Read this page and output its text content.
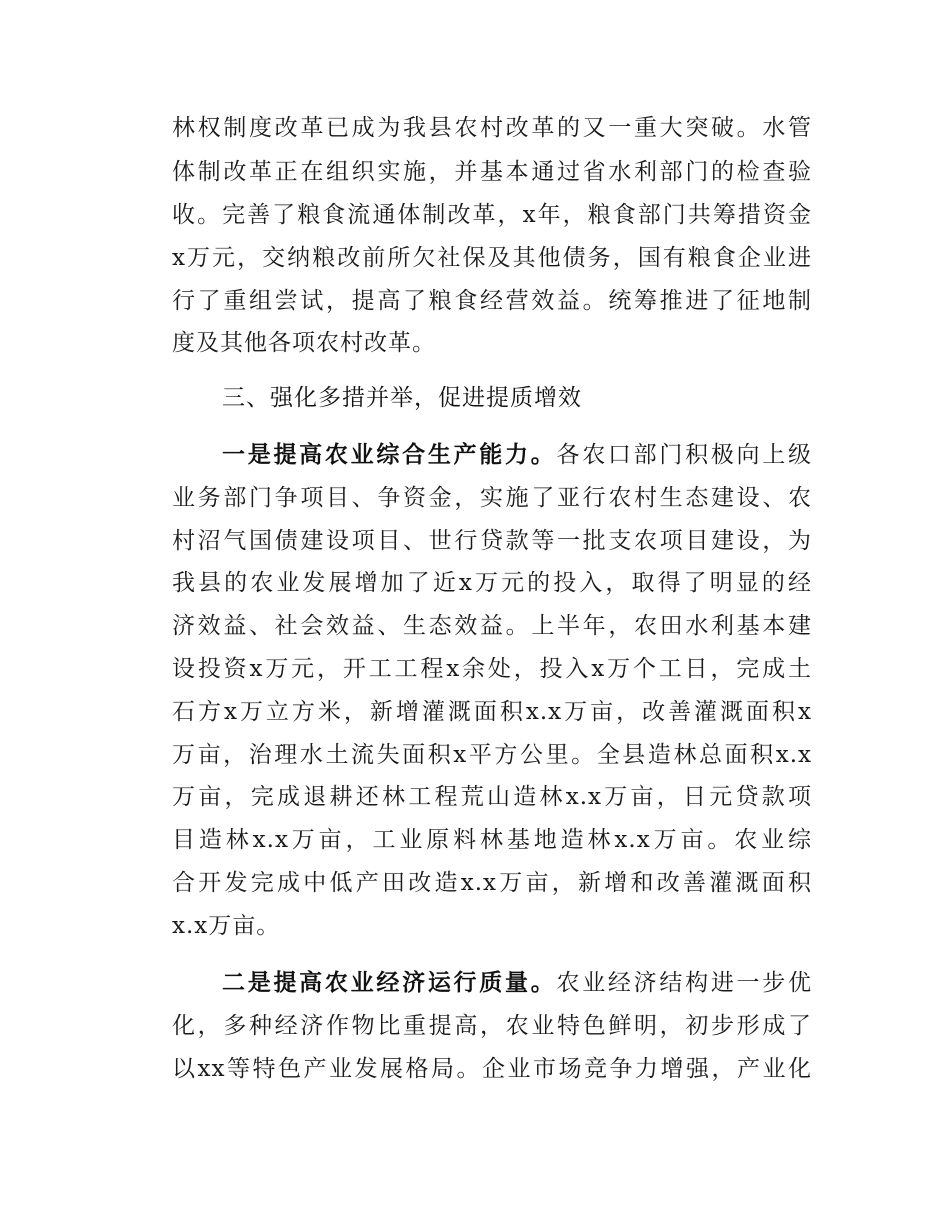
林权制度改革已成为我县农村改革的又一重大突破。水管
体制改革正在组织实施，并基本通过省水利部门的检查验
收。完善了粮食流通体制改革，x年，粮食部门共筹措资金
x万元，交纳粮改前所欠社保及其他债务，国有粮食企业进
行了重组尝试，提高了粮食经营效益。统筹推进了征地制
度及其他各项农村改革。
三、强化多措并举，促进提质增效
一是提高农业综合生产能力。各农口部门积极向上级
业务部门争项目、争资金，实施了亚行农村生态建设、农
村沼气国债建设项目、世行贷款等一批支农项目建设，为
我县的农业发展增加了近x万元的投入，取得了明显的经
济效益、社会效益、生态效益。上半年，农田水利基本建
设投资x万元，开工工程x余处，投入x万个工日，完成土
石方x万立方米，新增灌溉面积x.x万亩，改善灌溉面积x
万亩，治理水土流失面积x平方公里。全县造林总面积x.x
万亩，完成退耕还林工程荒山造林x.x万亩，日元贷款项
目造林x.x万亩，工业原料林基地造林x.x万亩。农业综
合开发完成中低产田改造x.x万亩，新增和改善灌溉面积
x.x万亩。
二是提高农业经济运行质量。农业经济结构进一步优
化，多种经济作物比重提高，农业特色鲜明，初步形成了
以xx等特色产业发展格局。企业市场竞争力增强，产业化
